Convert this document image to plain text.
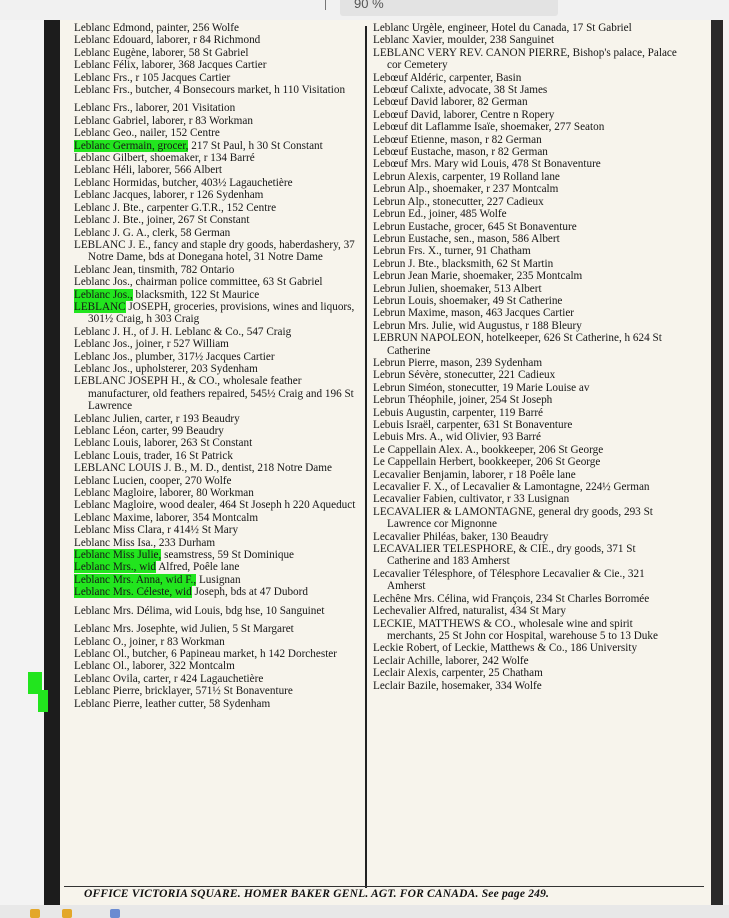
90 %

Leblanc Edmond, painter, 256 Wolfe

Leblanc Edouard, laborer, r 84 Richmond

Leblanc Eugène, laborer, 58 St Gabriel

Leblanc Félix, laborer, 368 Jacques Cartier

Leblanc Frs., r 105 Jacques Cartier

Leblanc Frs., butcher, 4 Bonsecours market, h 110 Visitation

Leblanc Frs., laborer, 201 Visitation

Leblanc Gabriel, laborer, r 83 Workman

Leblanc Geo., nailer, 152 Centre

Leblanc Germain, grocer, 217 St Paul, h 30 St Constant

Leblanc Gilbert, shoemaker, r 134 Barré

Leblanc Héli, laborer, 566 Albert

Leblanc Hormidas, butcher, 403½ Lagauchetière

Leblanc Jacques, laborer, r 126 Sydenham

Leblanc J. Bte., carpenter G.T.R., 152 Centre

Leblanc J. Bte., joiner, 267 St Constant

Leblanc J. G. A., clerk, 58 German

LEBLANC J. E., fancy and staple dry goods, haberdashery, 37 Notre Dame, bds at Donegana hotel, 31 Notre Dame

Leblanc Jean, tinsmith, 782 Ontario

Leblanc Jos., chairman police committee, 63 St Gabriel

Leblanc Jos., blacksmith, 122 St Maurice

LEBLANC JOSEPH, groceries, provisions, wines and liquors, 301½ Craig, h 303 Craig

Leblanc J. H., of J. H. Leblanc & Co., 547 Craig

Leblanc Jos., joiner, r 527 William

Leblanc Jos., plumber, 317½ Jacques Cartier

Leblanc Jos., upholsterer, 203 Sydenham

LEBLANC JOSEPH H., & CO., wholesale feather manufacturer, old feathers repaired, 545½ Craig and 196 St Lawrence

Leblanc Julien, carter, r 193 Beaudry

Leblanc Léon, carter, 99 Beaudry

Leblanc Louis, laborer, 263 St Constant

Leblanc Louis, trader, 16 St Patrick

LEBLANC LOUIS J. B., M. D., dentist, 218 Notre Dame

Leblanc Lucien, cooper, 270 Wolfe

Leblanc Magloire, laborer, 80 Workman

Leblanc Magloire, wood dealer, 464 St Joseph h 220 Aqueduct

Leblanc Maxime, laborer, 354 Montcalm

Leblanc Miss Clara, r 414½ St Mary

Leblanc Miss Isa., 233 Durham

Leblanc Miss Julie, seamstress, 59 St Dominique

Leblanc Mrs., wid Alfred, Poêle lane

Leblanc Mrs. Anna, wid F., Lusignan

Leblanc Mrs. Céleste, wid Joseph, bds at 47 Dubord

Leblanc Mrs. Délima, wid Louis, bdg hse, 10 Sanguinet

Leblanc Mrs. Josephte, wid Julien, 5 St Margaret

Leblanc O., joiner, r 83 Workman

Leblanc Ol., butcher, 6 Papineau market, h 142 Dorchester

Leblanc Ol., laborer, 322 Montcalm

Leblanc Ovila, carter, r 424 Lagauchetière

Leblanc Pierre, bricklayer, 571½ St Bonaventure

Leblanc Pierre, leather cutter, 58 Sydenham

Leblanc Urgèle, engineer, Hotel du Canada, 17 St Gabriel

Leblanc Xavier, moulder, 238 Sanguinet

LEBLANC VERY REV. CANON PIERRE, Bishop's palace, Palace cor Cemetery

Lebœuf Aldéric, carpenter, Basin

Lebœuf Calixte, advocate, 38 St James

Lebœuf David laborer, 82 German

Lebœuf David, laborer, Centre n Ropery

Lebœuf dit Laflamme Isaïe, shoemaker, 277 Seaton

Lebœuf Etienne, mason, r 82 German

Lebœuf Eustache, mason, r 82 German

Lebœuf Mrs. Mary wid Louis, 478 St Bonaventure

Lebrun Alexis, carpenter, 19 Rolland lane

Lebrun Alp., shoemaker, r 237 Montcalm

Lebrun Alp., stonecutter, 227 Cadieux

Lebrun Ed., joiner, 485 Wolfe

Lebrun Eustache, grocer, 645 St Bonaventure

Lebrun Eustache, sen., mason, 586 Albert

Lebrun Frs. X., turner, 91 Chatham

Lebrun J. Bte., blacksmith, 62 St Martin

Lebrun Jean Marie, shoemaker, 235 Montcalm

Lebrun Julien, shoemaker, 513 Albert

Lebrun Louis, shoemaker, 49 St Catherine

Lebrun Maxime, mason, 463 Jacques Cartier

Lebrun Mrs. Julie, wid Augustus, r 188 Bleury

LEBRUN NAPOLEON, hotelkeeper, 626 St Catherine, h 624 St Catherine

Lebrun Pierre, mason, 239 Sydenham

Lebrun Sévère, stonecutter, 221 Cadieux

Lebrun Siméon, stonecutter, 19 Marie Louise av

Lebrun Théophile, joiner, 254 St Joseph

Lebuis Augustin, carpenter, 119 Barré

Lebuis Israël, carpenter, 631 St Bonaventure

Lebuis Mrs. A., wid Olivier, 93 Barré

Le Cappellain Alex. A., bookkeeper, 206 St George

Le Cappellain Herbert, bookkeeper, 206 St George

Lecavalier Benjamin, laborer, r 18 Poêle lane

Lecavalier F. X., of Lecavalier & Lamontagne, 224½ German

Lecavalier Fabien, cultivator, r 33 Lusignan

LECAVALIER & LAMONTAGNE, general dry goods, 293 St Lawrence cor Mignonne

Lecavalier Philéas, baker, 130 Beaudry

LECAVALIER TELESPHORE, & CIE., dry goods, 371 St Catherine and 183 Amherst

Lecavalier Télesphore, of Télesphore Lecavalier & Cie., 321 Amherst

Lechêne Mrs. Célina, wid François, 234 St Charles Borromée

Lechevalier Alfred, naturalist, 434 St Mary

LECKIE, MATTHEWS & CO., wholesale wine and spirit merchants, 25 St John cor Hospital, warehouse 5 to 13 Duke

Leckie Robert, of Leckie, Matthews & Co., 186 University

Leclair Achille, laborer, 242 Wolfe

Leclair Alexis, carpenter, 25 Chatham

Leclair Bazile, hosemaker, 334 Wolfe

OFFICE VICTORIA SQUARE. HOMER BAKER GENL. AGT. FOR CANADA. See page 249.
